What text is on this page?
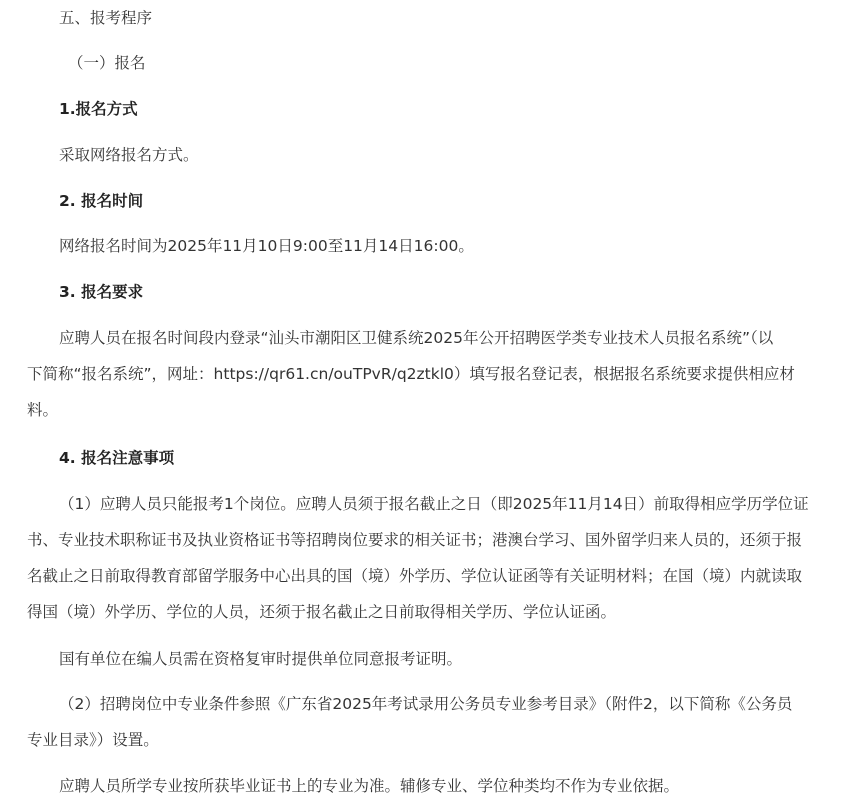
五、报考程序
（一）报名
1.报名方式
采取网络报名方式。
2. 报名时间
网络报名时间为2025年11月10日9:00至11月14日16:00。
3. 报名要求
应聘人员在报名时间段内登录“汕头市潮阳区卫健系统2025年公开招聘医学类专业技术人员报名系统”（以
下简称“报名系统”，网址：https://qr61.cn/ouTPvR/q2ztkl0）填写报名登记表，根据报名系统要求提供相应材
料。
4. 报名注意事项
（1）应聘人员只能报考1个岗位。应聘人员须于报名截止之日（即2025年11月14日）前取得相应学历学位证
书、专业技术职称证书及执业资格证书等招聘岗位要求的相关证书；港澳台学习、国外留学归来人员的，还须于报
名截止之日前取得教育部留学服务中心出具的国（境）外学历、学位认证函等有关证明材料；在国（境）内就读取
得国（境）外学历、学位的人员，还须于报名截止之日前取得相关学历、学位认证函。
国有单位在编人员需在资格复审时提供单位同意报考证明。
（2）招聘岗位中专业条件参照《广东省2025年考试录用公务员专业参考目录》（附件2，以下简称《公务员
专业目录》）设置。
应聘人员所学专业按所获毕业证书上的专业为准。辅修专业、学位种类均不作为专业依据。
